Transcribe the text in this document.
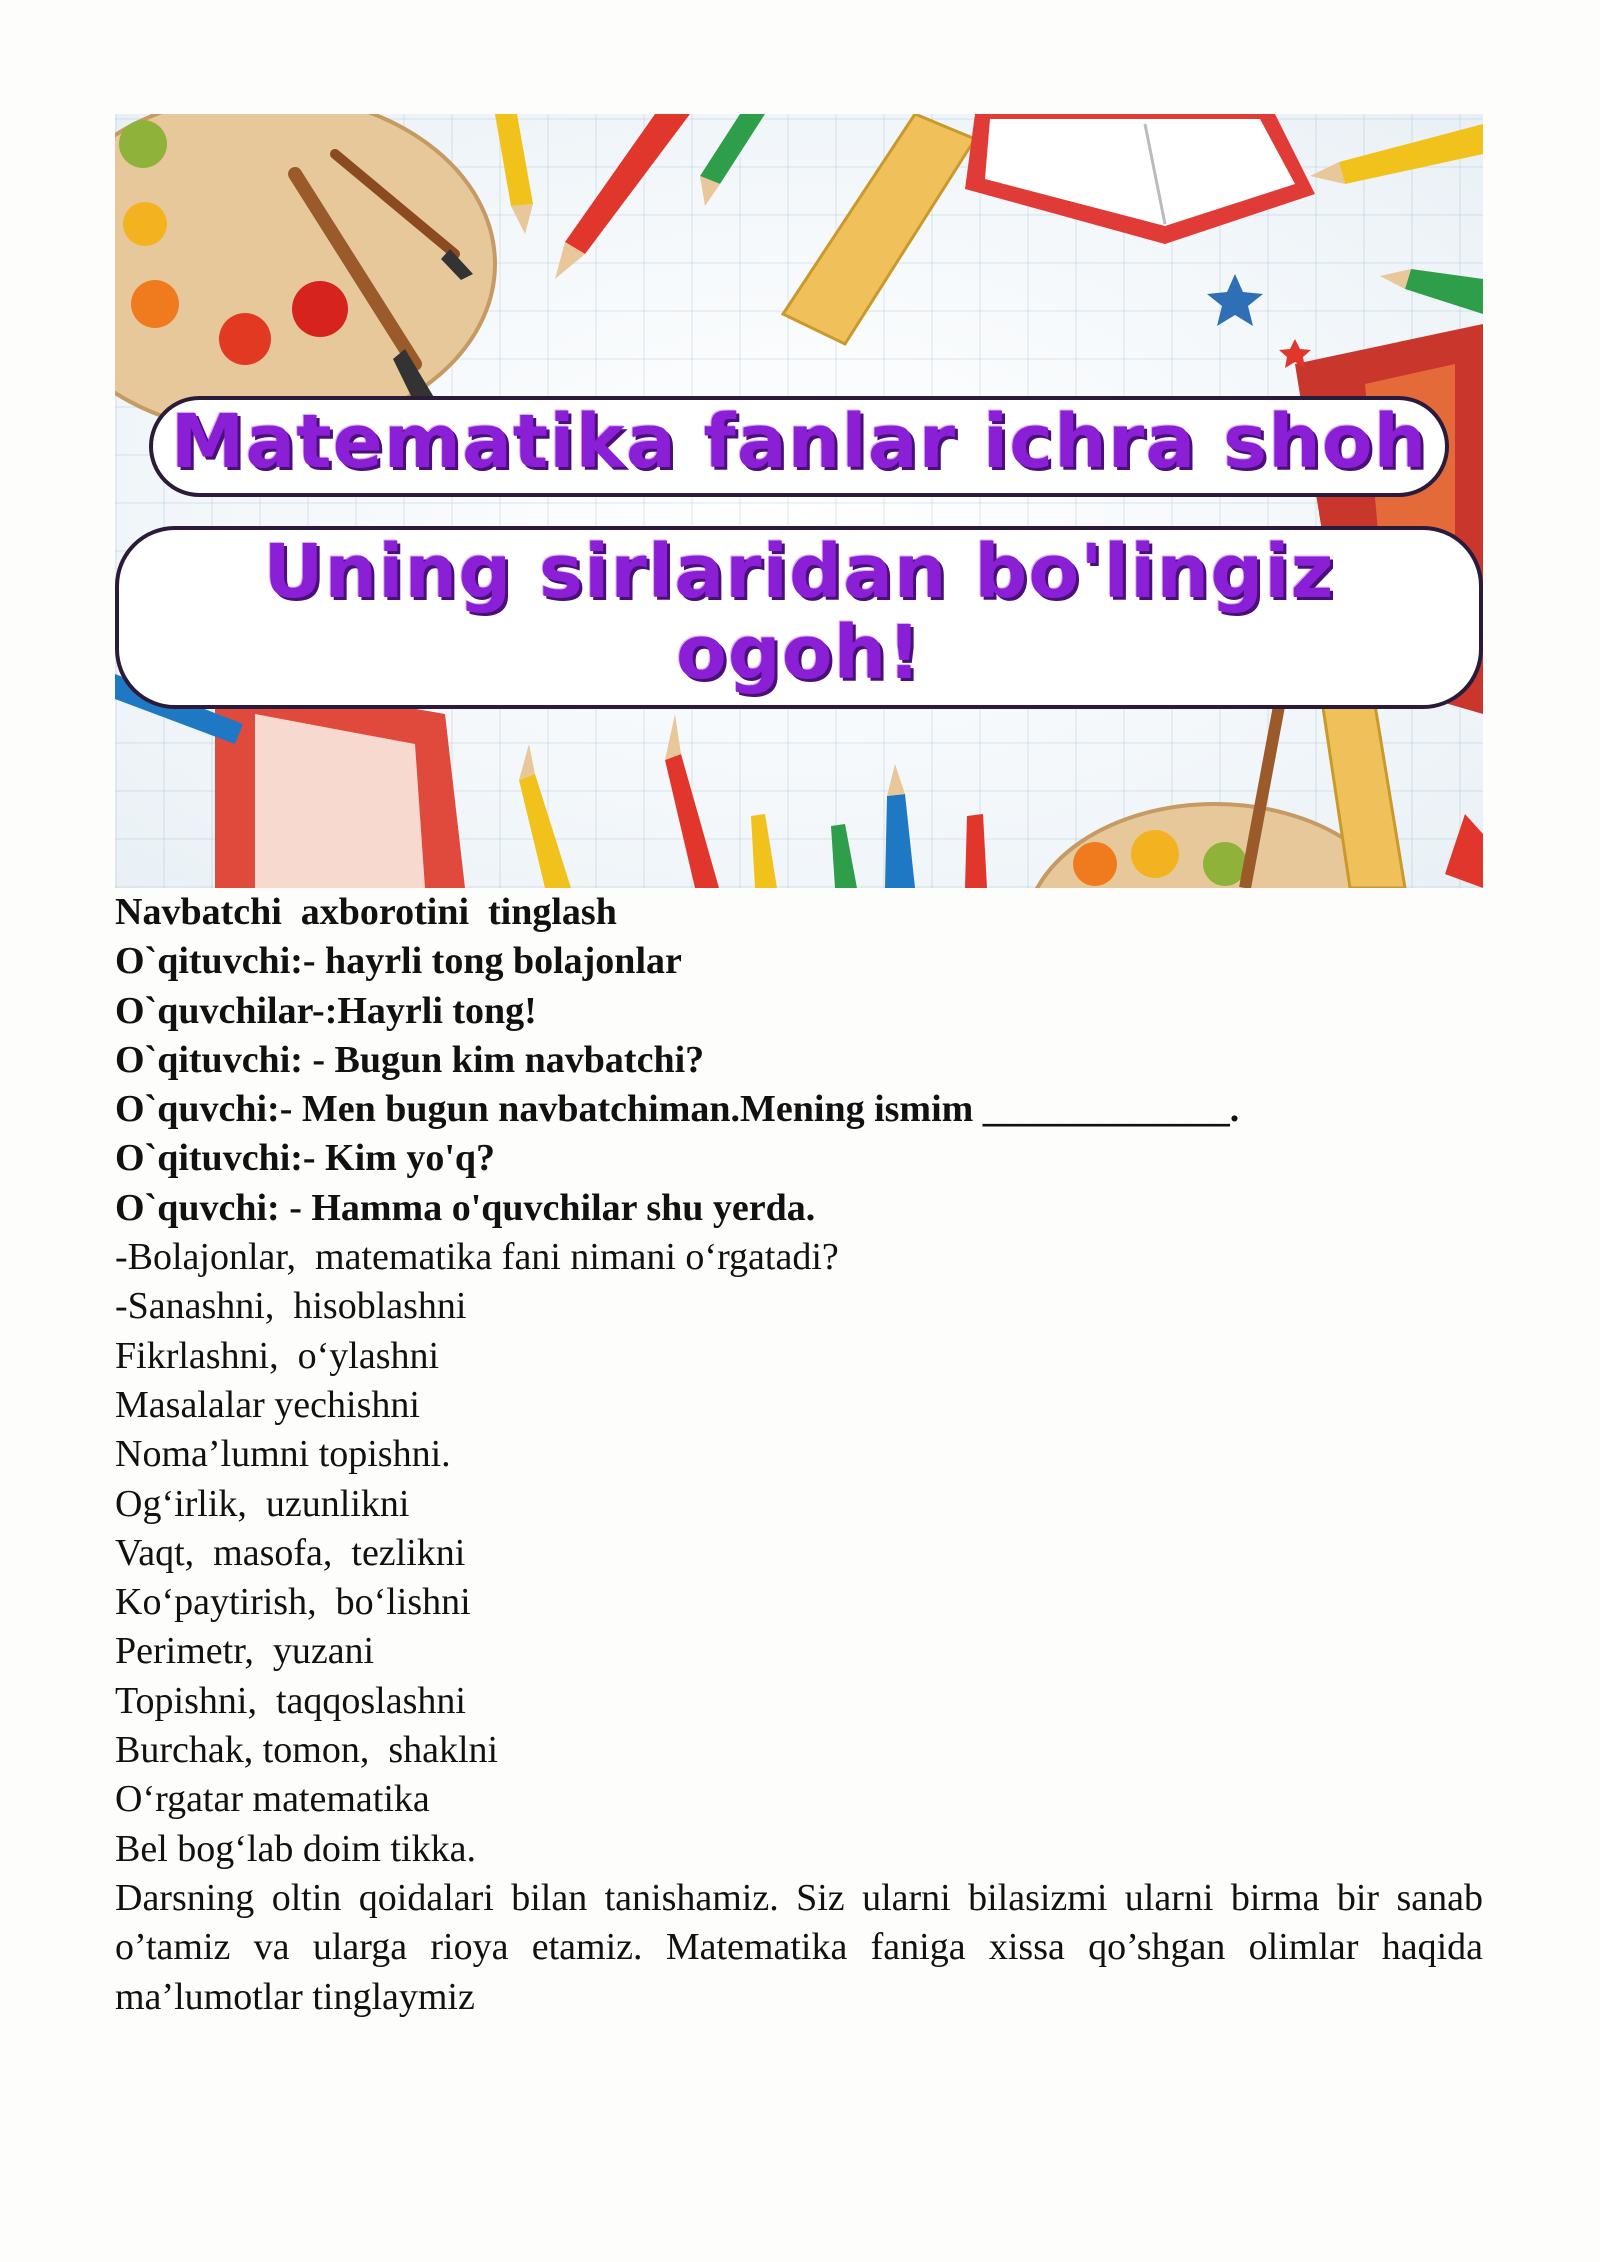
Matematika fanlar ichra shoh
Uning sirlaridan bo'lingiz ogoh!

Navbatchi  axborotini  tinglash

O`qituvchi:- hayrli tong bolajonlar

O`quvchilar-:Hayrli tong!

O`qituvchi: - Bugun kim navbatchi?

O`quvchi:- Men bugun navbatchiman.Mening ismim _____________.

O`qituvchi:- Kim yo'q?

O`quvchi: - Hamma o'quvchilar shu yerda.

-Bolajonlar,  matematika fani nimani o‘rgatadi?

-Sanashni,  hisoblashni

Fikrlashni,  o‘ylashni

Masalalar yechishni

Noma’lumni topishni.

Og‘irlik,  uzunlikni

Vaqt,  masofa,  tezlikni

Ko‘paytirish,  bo‘lishni

Perimetr,  yuzani

Topishni,  taqqoslashni

Burchak, tomon,  shaklni

O‘rgatar matematika

Bel bog‘lab doim tikka.

Darsning oltin qoidalari bilan tanishamiz. Siz ularni bilasizmi ularni birma bir sanab o’tamiz va ularga rioya etamiz. Matematika faniga xissa qo’shgan olimlar haqida ma’lumotlar tinglaymiz
